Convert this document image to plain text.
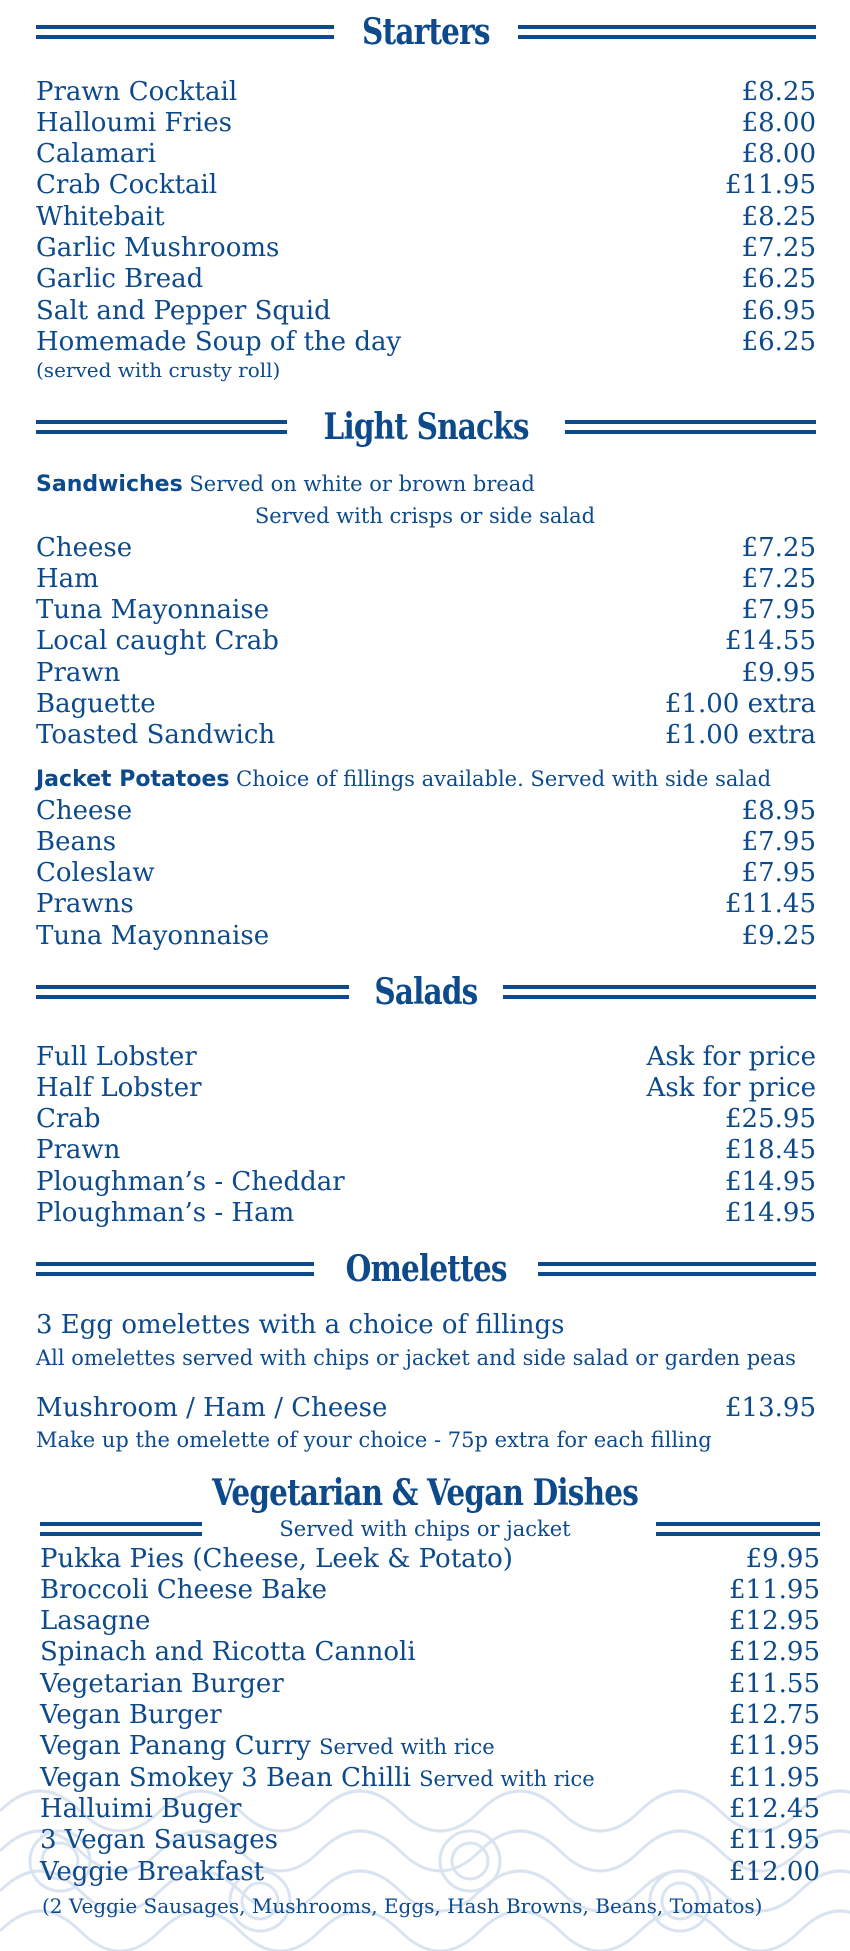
Starters
Prawn Cocktail	£8.25
Halloumi Fries	£8.00
Calamari	£8.00
Crab Cocktail	£11.95
Whitebait	£8.25
Garlic Mushrooms	£7.25
Garlic Bread	£6.25
Salt and Pepper Squid	£6.95
Homemade Soup of the day	£6.25
(served with crusty roll)
Light Snacks
Sandwiches Served on white or brown bread
Served with crisps or side salad
Cheese	£7.25
Ham	£7.25
Tuna Mayonnaise	£7.95
Local caught Crab	£14.55
Prawn	£9.95
Baguette	£1.00 extra
Toasted Sandwich	£1.00 extra
Jacket Potatoes Choice of fillings available. Served with side salad
Cheese	£8.95
Beans	£7.95
Coleslaw	£7.95
Prawns	£11.45
Tuna Mayonnaise	£9.25
Salads
Full Lobster	Ask for price
Half Lobster	Ask for price
Crab	£25.95
Prawn	£18.45
Ploughman’s - Cheddar	£14.95
Ploughman’s - Ham	£14.95
Omelettes
3 Egg omelettes with a choice of fillings
All omelettes served with chips or jacket and side salad or garden peas
Mushroom / Ham / Cheese	£13.95
Make up the omelette of your choice - 75p extra for each filling
Vegetarian & Vegan Dishes
Served with chips or jacket
Pukka Pies (Cheese, Leek & Potato)	£9.95
Broccoli Cheese Bake	£11.95
Lasagne	£12.95
Spinach and Ricotta Cannoli	£12.95
Vegetarian Burger	£11.55
Vegan Burger	£12.75
Vegan Panang Curry Served with rice	£11.95
Vegan Smokey 3 Bean Chilli Served with rice	£11.95
Halluimi Buger	£12.45
3 Vegan Sausages	£11.95
Veggie Breakfast	£12.00
(2 Veggie Sausages, Mushrooms, Eggs, Hash Browns, Beans, Tomatos)
